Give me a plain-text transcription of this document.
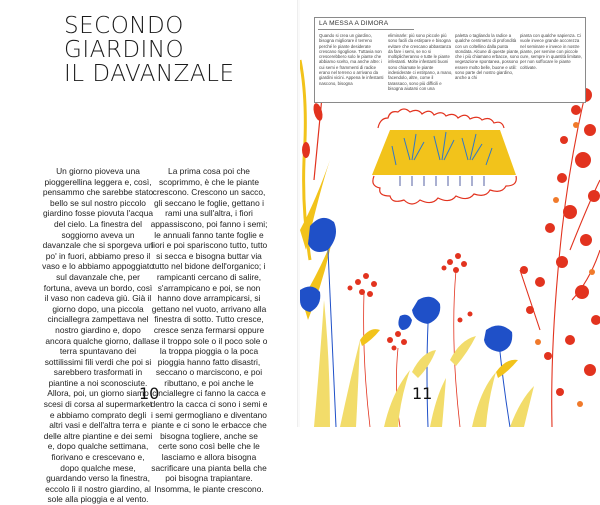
SECONDO GIARDINO
IL DAVANZALE

Un giorno pioveva una pioggerellina leggera e, così, pensammo che sarebbe stato bello se sul nostro piccolo giardino fosse piovuta l'acqua del cielo. La finestra del soggiorno aveva un davanzale che si sporgeva un po' in fuori, abbiamo preso il vaso e lo abbiamo appoggiato sul davanzale che, per fortuna, aveva un bordo, così il vaso non cadeva giù. Già il giorno dopo, una piccola cinciallegra zampettava nel nostro giardino e, dopo ancora qualche giorno, dalla terra spuntavano dei sottilissimi fili verdi che poi si sarebbero trasformati in piantine a noi sconosciute. Allora, poi, un giorno siamo scesi di corsa al supermarket e abbiamo comprato degli altri vasi e dell'altra terra e delle altre piantine e dei semi e, dopo qualche settimana, fiorivano e crescevano e, dopo qualche mese, guardando verso la finestra, eccolo lì il nostro giardino, al sole alla pioggia e al vento.

La prima cosa poi che scoprimmo, è che le piante crescono. Crescono un sacco, gli seccano le foglie, gettano i rami una sull'altra, i fiori appassiscono, poi fanno i semi; le annuali fanno tante foglie e fiori e poi spariscono tutto, tutto si secca e bisogna buttar via tutto nel bidone dell'organico; i rampicanti cercano di salire, s'arrampicano e poi, se non hanno dove arrampicarsi, si gettano nel vuoto, arrivano alla finestra di sotto. Tutto cresce, cresce senza fermarsi oppure se il troppo sole o il poco sole o la troppa pioggia o la poca pioggia hanno fatto disastri, seccano o marciscono, e poi ributtano, e poi anche le cinciallegre ci fanno la cacca e dentro la cacca ci sono i semi e i semi germogliano e diventano piante e ci sono le erbacce che bisogna togliere, anche se certe sono così belle che le lasciamo e allora bisogna sacrificare una pianta bella che poi bisogna trapiantare. Insomma, le piante crescono.

10
LA MESSA A DIMORA

Quando si crea un giardino, bisogna migliorare il terreno perché le piante desiderate crescano rigogliose. Tuttavia non crescerebbero solo le piante che abbiamo scelto, ma anche altre: i cui semi e frammenti di radice erano nel terreno o arrivano da giardini vicini. Appena le infestanti nascono, bisogna

eliminarle: più sono piccole più sono facili da estirpare e bisogna evitare che crescano abbastanza da fare i semi, se no si moltiplicheranno e tutte le piante infestanti. Molte infestanti buoni sono chiamate le piante indesiderate ci estirpano, a mano, facendolo, altre, come il tarassaco, sono più difficili e bisogna aiutarsi con una

paletta o tagliando la radice a qualche centimetro di profondità con un coltellino dalla punta stondata. Alcune di queste piante, che i più chiamano erbacce, sono vegetazione spontanea, possono essere molto belle, buone e utili: sono parte del nostro giardino, anche a chi

pianta con qualche sapienza. Ci vuole invece grande accorezza nel seminare e invece in nostre piante, per semine con piccole cure, sempre in quantità limitate, per non soffocare le piante coltivate.

11
